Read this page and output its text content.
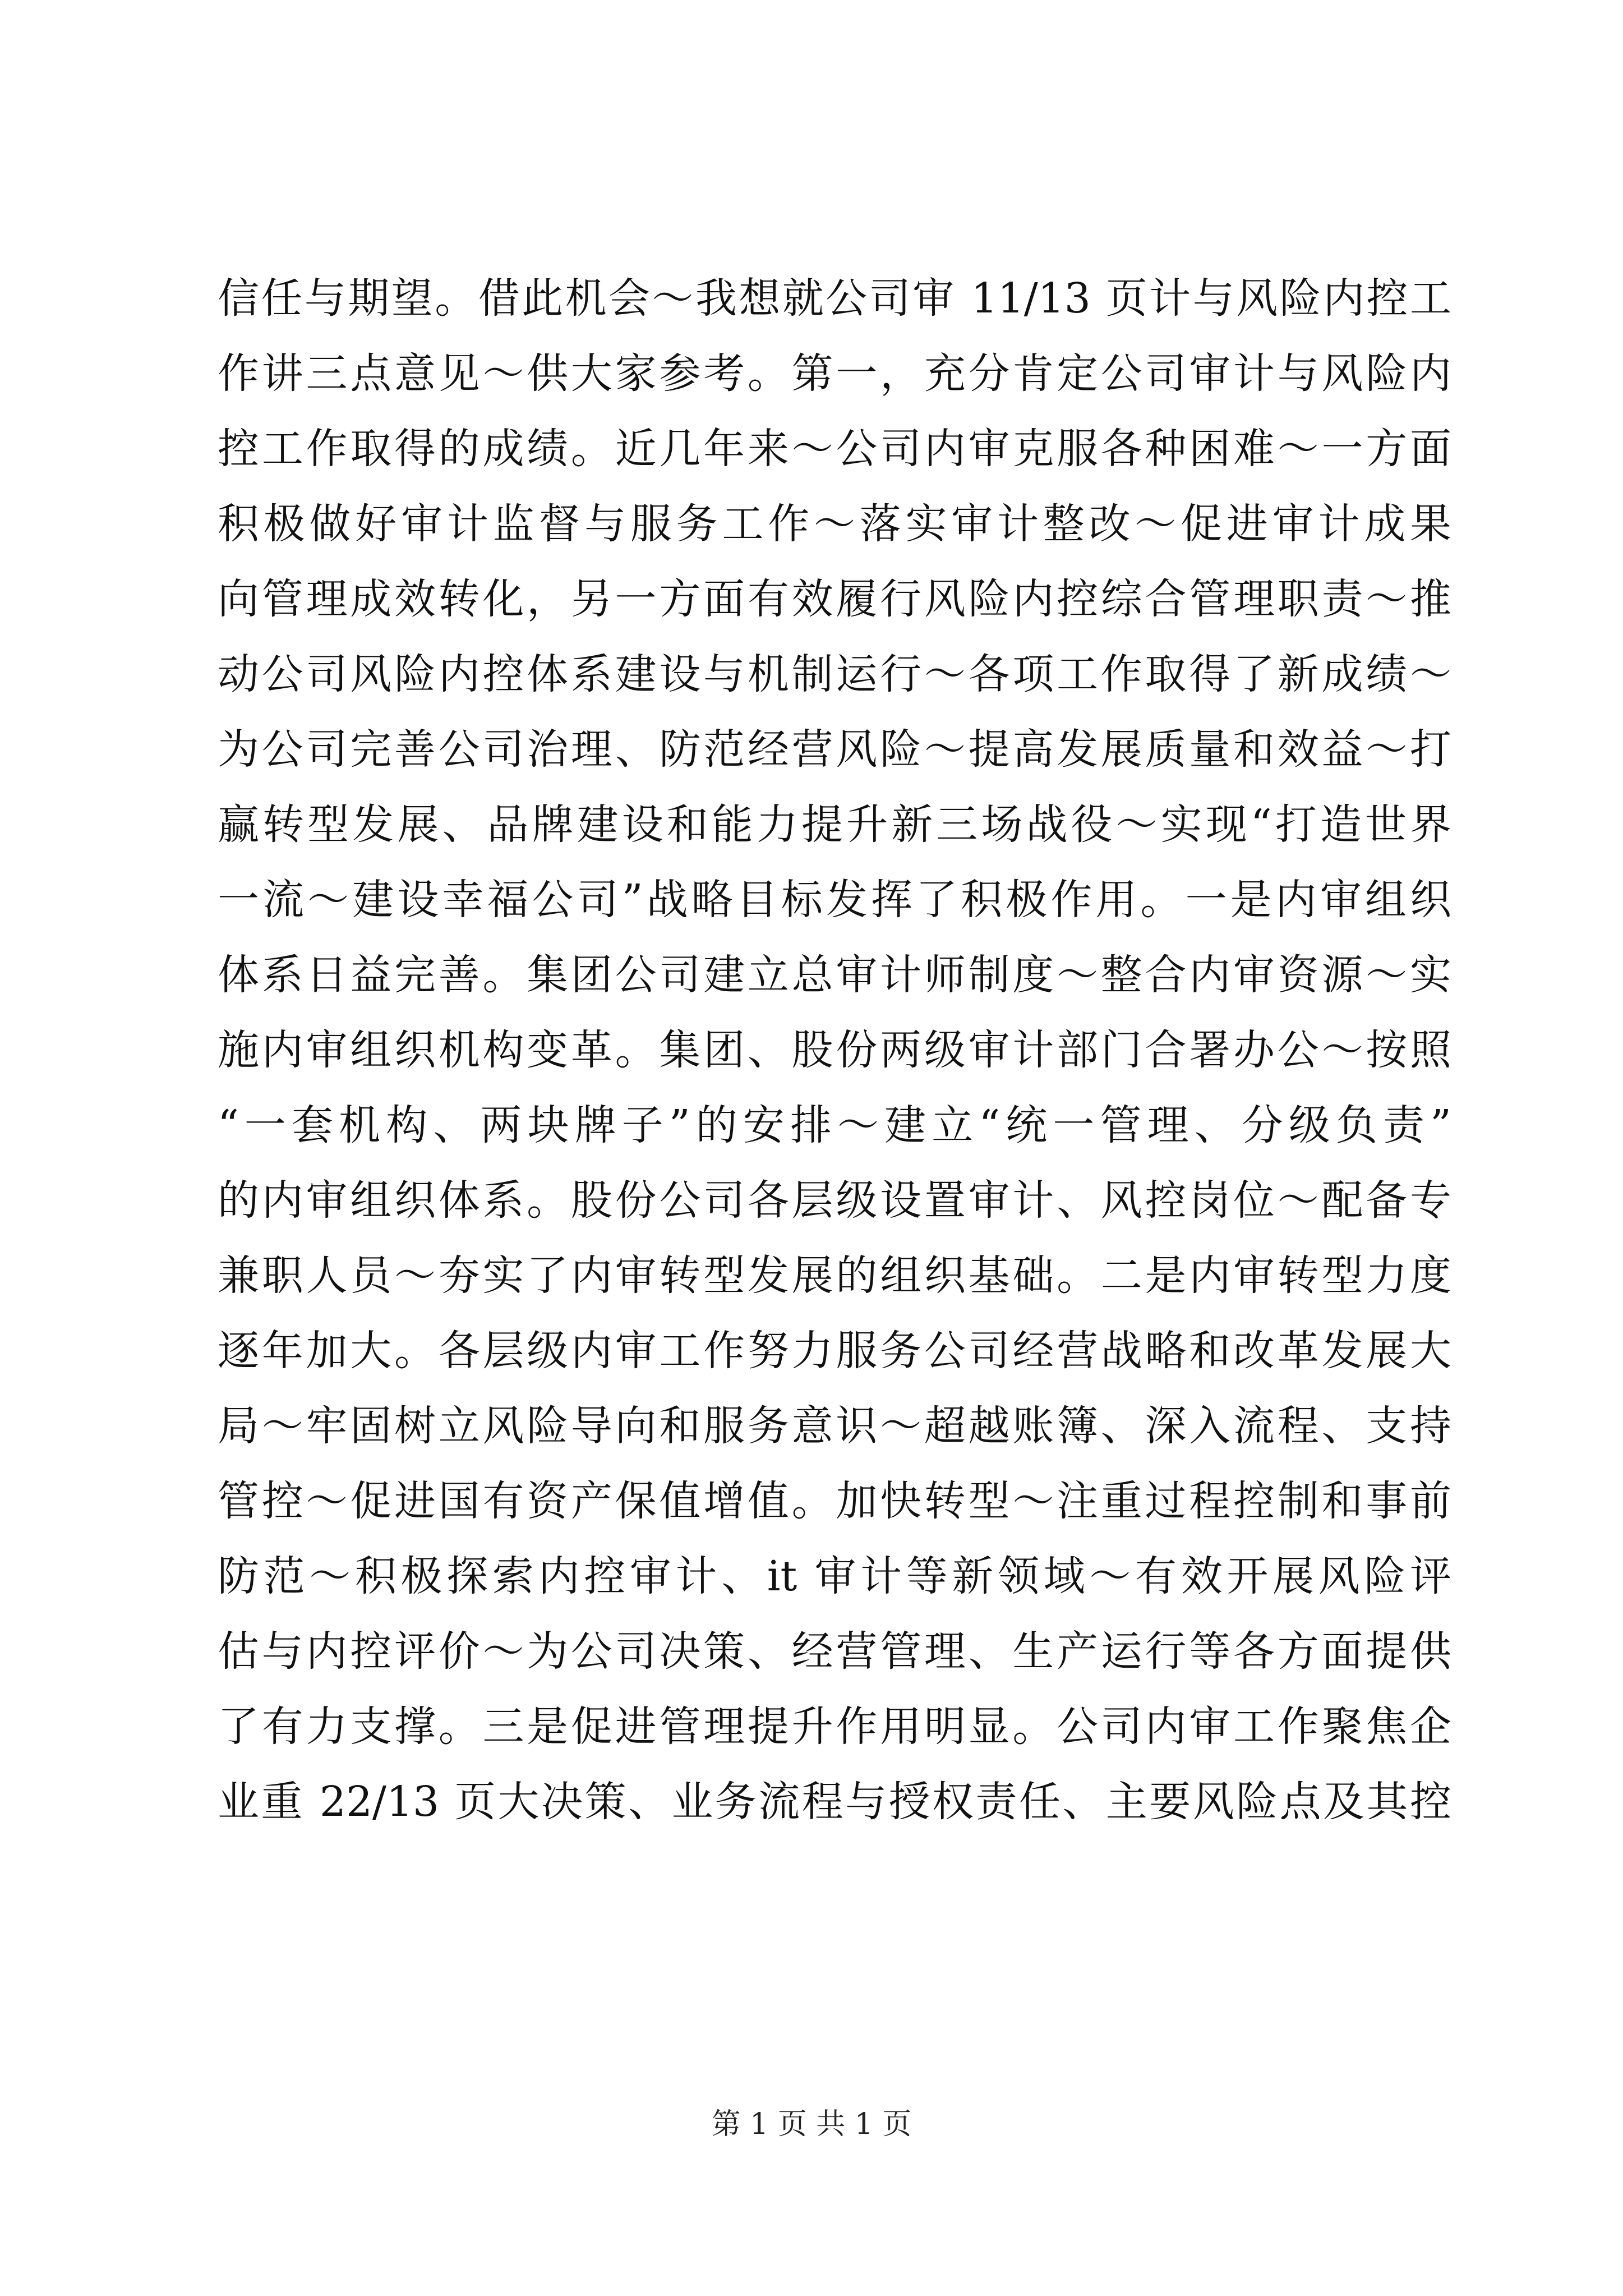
信任与期望。借此机会～我想就公司审 11/13 页计与风险内控工
作讲三点意见～供大家参考。第一，充分肯定公司审计与风险内
控工作取得的成绩。近几年来～公司内审克服各种困难～一方面
积极做好审计监督与服务工作～落实审计整改～促进审计成果
向管理成效转化，另一方面有效履行风险内控综合管理职责～推
动公司风险内控体系建设与机制运行～各项工作取得了新成绩～
为公司完善公司治理、防范经营风险～提高发展质量和效益～打
赢转型发展、品牌建设和能力提升新三场战役～实现“打造世界
一流～建设幸福公司”战略目标发挥了积极作用。一是内审组织
体系日益完善。集团公司建立总审计师制度～整合内审资源～实
施内审组织机构变革。集团、股份两级审计部门合署办公～按照
“一套机构、两块牌子”的安排～建立“统一管理、分级负责”
的内审组织体系。股份公司各层级设置审计、风控岗位～配备专
兼职人员～夯实了内审转型发展的组织基础。二是内审转型力度
逐年加大。各层级内审工作努力服务公司经营战略和改革发展大
局～牢固树立风险导向和服务意识～超越账簿、深入流程、支持
管控～促进国有资产保值增值。加快转型～注重过程控制和事前
防范～积极探索内控审计、it 审计等新领域～有效开展风险评
估与内控评价～为公司决策、经营管理、生产运行等各方面提供
了有力支撑。三是促进管理提升作用明显。公司内审工作聚焦企
业重 22/13 页大决策、业务流程与授权责任、主要风险点及其控
第 1 页 共 1 页
